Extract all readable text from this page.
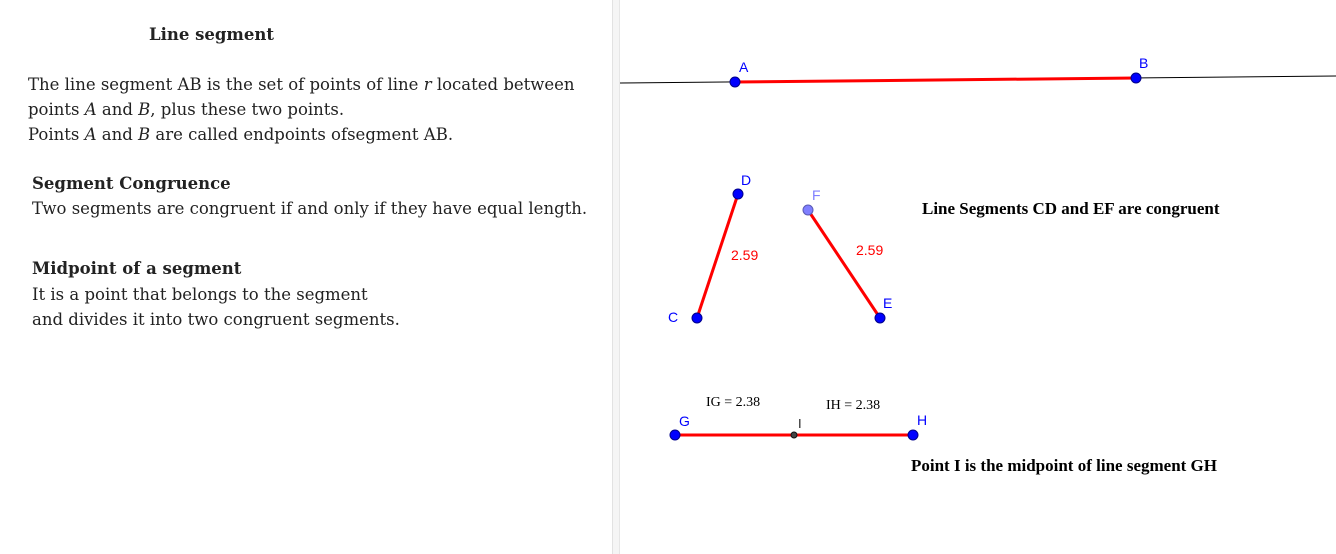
Line segment
The line segment AB is the set of points of line 𝑟 located between
points 𝐴 and 𝐵, plus these two points.
Points 𝐴 and 𝐵 are called endpoints ofsegment AB.
Segment Congruence
Two segments are congruent if and only if they have equal length.
Midpoint of a segment
It is a point that belongs to the segment
and divides it into two congruent segments.
A	B
C
D
2.59
F
E
2.59
G	H
I
IG = 2.38	IH = 2.38
Line Segments CD and EF are congruent
Point I is the midpoint of line segment GH
